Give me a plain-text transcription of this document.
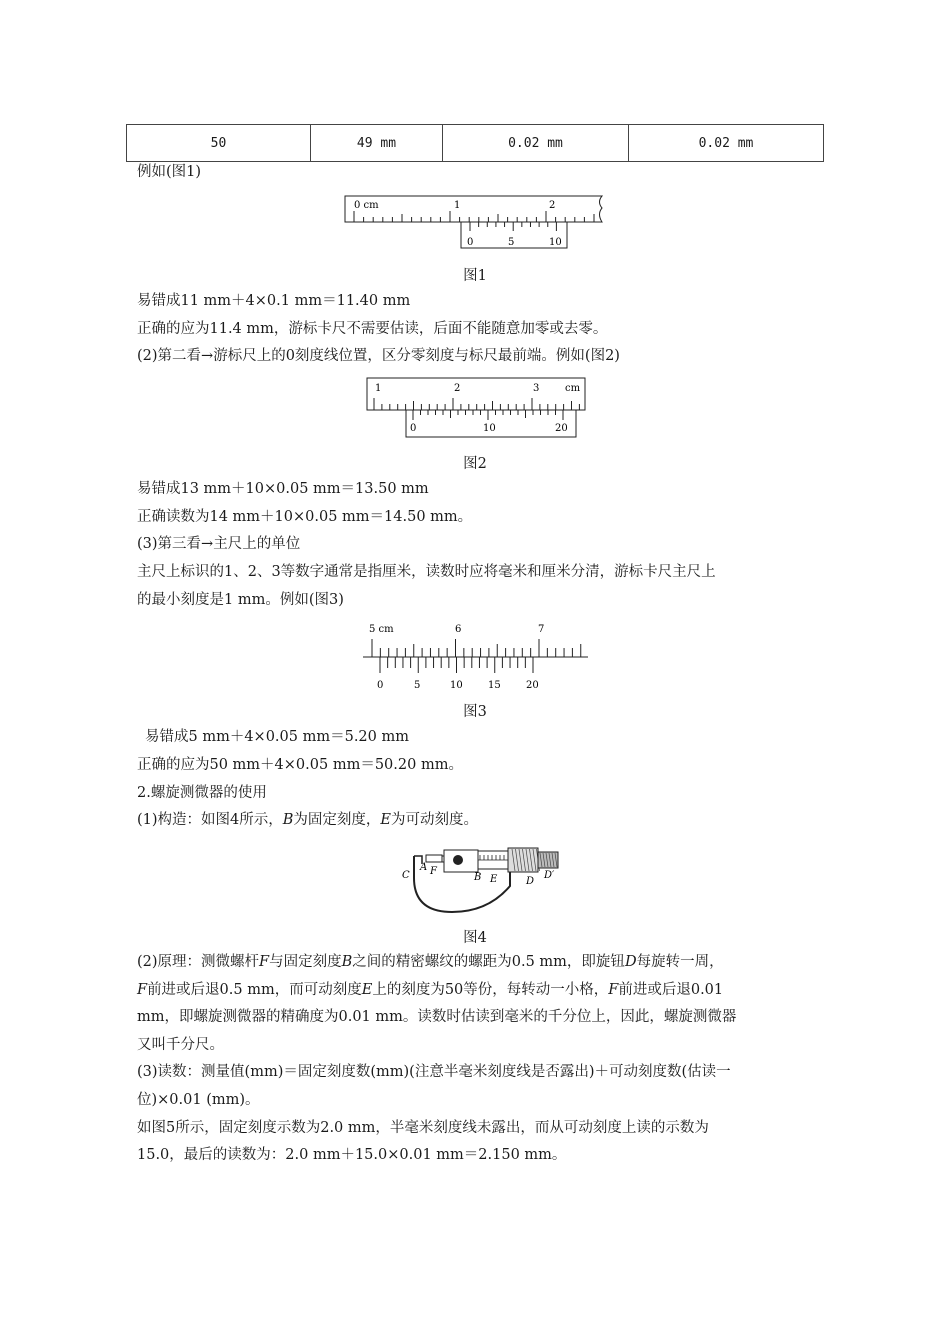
50	49 mm	0.02 mm	0.02 mm
例如(图1)
0 cm	1	2
0	5	10
图1
易错成11 mm＋4×0.1 mm＝11.40 mm
正确的应为11.4 mm，游标卡尺不需要估读，后面不能随意加零或去零。
(2)第二看→游标尺上的0刻度线位置，区分零刻度与标尺最前端。例如(图2)
1	2	3	cm
0	10	20
图2
易错成13 mm＋10×0.05 mm＝13.50 mm
正确读数为14 mm＋10×0.05 mm＝14.50 mm。
(3)第三看→主尺上的单位
主尺上标识的1、2、3等数字通常是指厘米，读数时应将毫米和厘米分清，游标卡尺主尺上
的最小刻度是1 mm。例如(图3)
5 cm	6	7
0	5	10	15	20
图3
易错成5 mm＋4×0.05 mm＝5.20 mm
正确的应为50 mm＋4×0.05 mm＝50.20 mm。
2.螺旋测微器的使用
(1)构造：如图4所示，B为固定刻度，E为可动刻度。
A
C F
B E	D
D′
图4
(2)原理：测微螺杆F与固定刻度B之间的精密螺纹的螺距为0.5 mm，即旋钮D每旋转一周，
F前进或后退0.5 mm，而可动刻度E上的刻度为50等份，每转动一小格，F前进或后退0.01
mm，即螺旋测微器的精确度为0.01 mm。读数时估读到毫米的千分位上，因此，螺旋测微器
又叫千分尺。
(3)读数：测量值(mm)＝固定刻度数(mm)(注意半毫米刻度线是否露出)＋可动刻度数(估读一
位)×0.01 (mm)。
如图5所示，固定刻度示数为2.0 mm，半毫米刻度线未露出，而从可动刻度上读的示数为
15.0，最后的读数为：2.0 mm＋15.0×0.01 mm＝2.150 mm。
